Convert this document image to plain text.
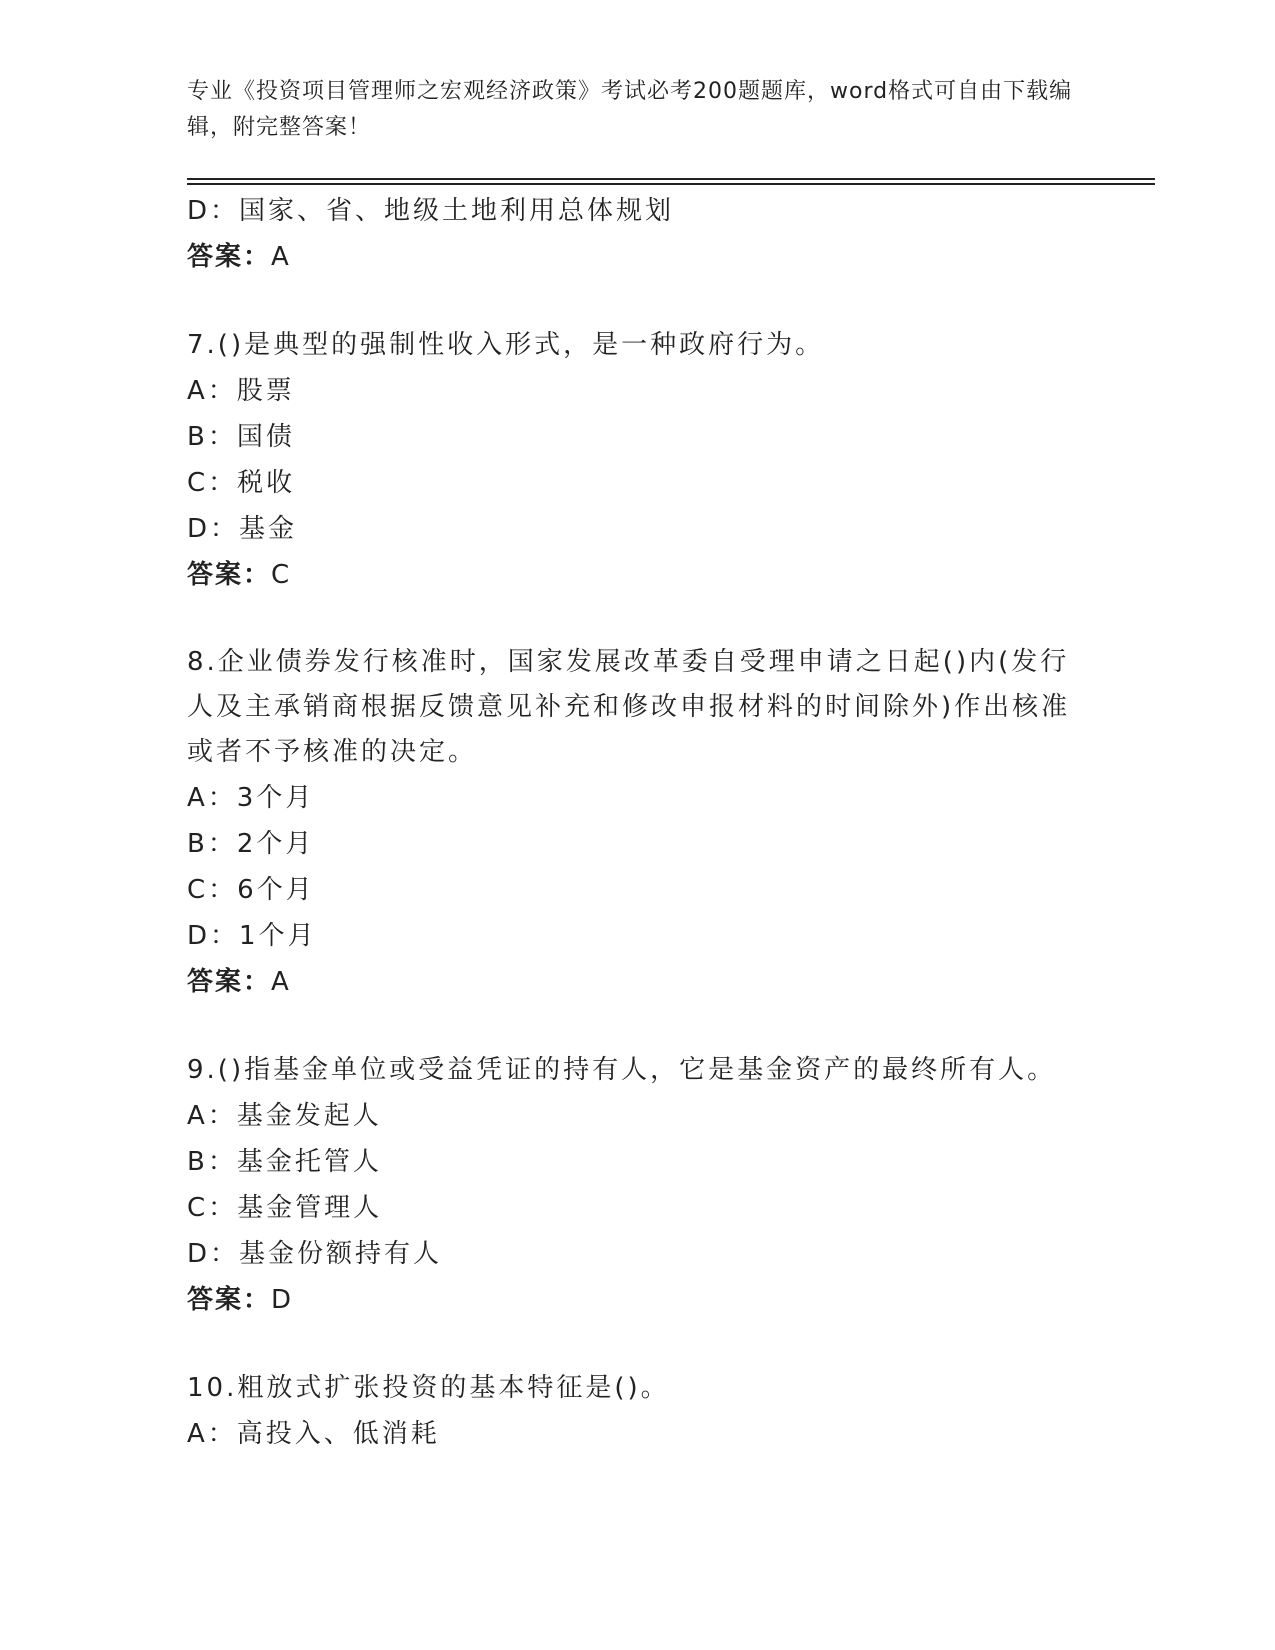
专业《投资项目管理师之宏观经济政策》考试必考200题题库，word格式可自由下载编辑，附完整答案！
D：国家、省、地级土地利用总体规划
答案：A
7.()是典型的强制性收入形式，是一种政府行为。
A：股票
B：国债
C：税收
D：基金
答案：C
8.企业债券发行核准时，国家发展改革委自受理申请之日起()内(发行人及主承销商根据反馈意见补充和修改申报材料的时间除外)作出核准或者不予核准的决定。
A：3个月
B：2个月
C：6个月
D：1个月
答案：A
9.()指基金单位或受益凭证的持有人，它是基金资产的最终所有人。
A：基金发起人
B：基金托管人
C：基金管理人
D：基金份额持有人
答案：D
10.粗放式扩张投资的基本特征是()。
A：高投入、低消耗
